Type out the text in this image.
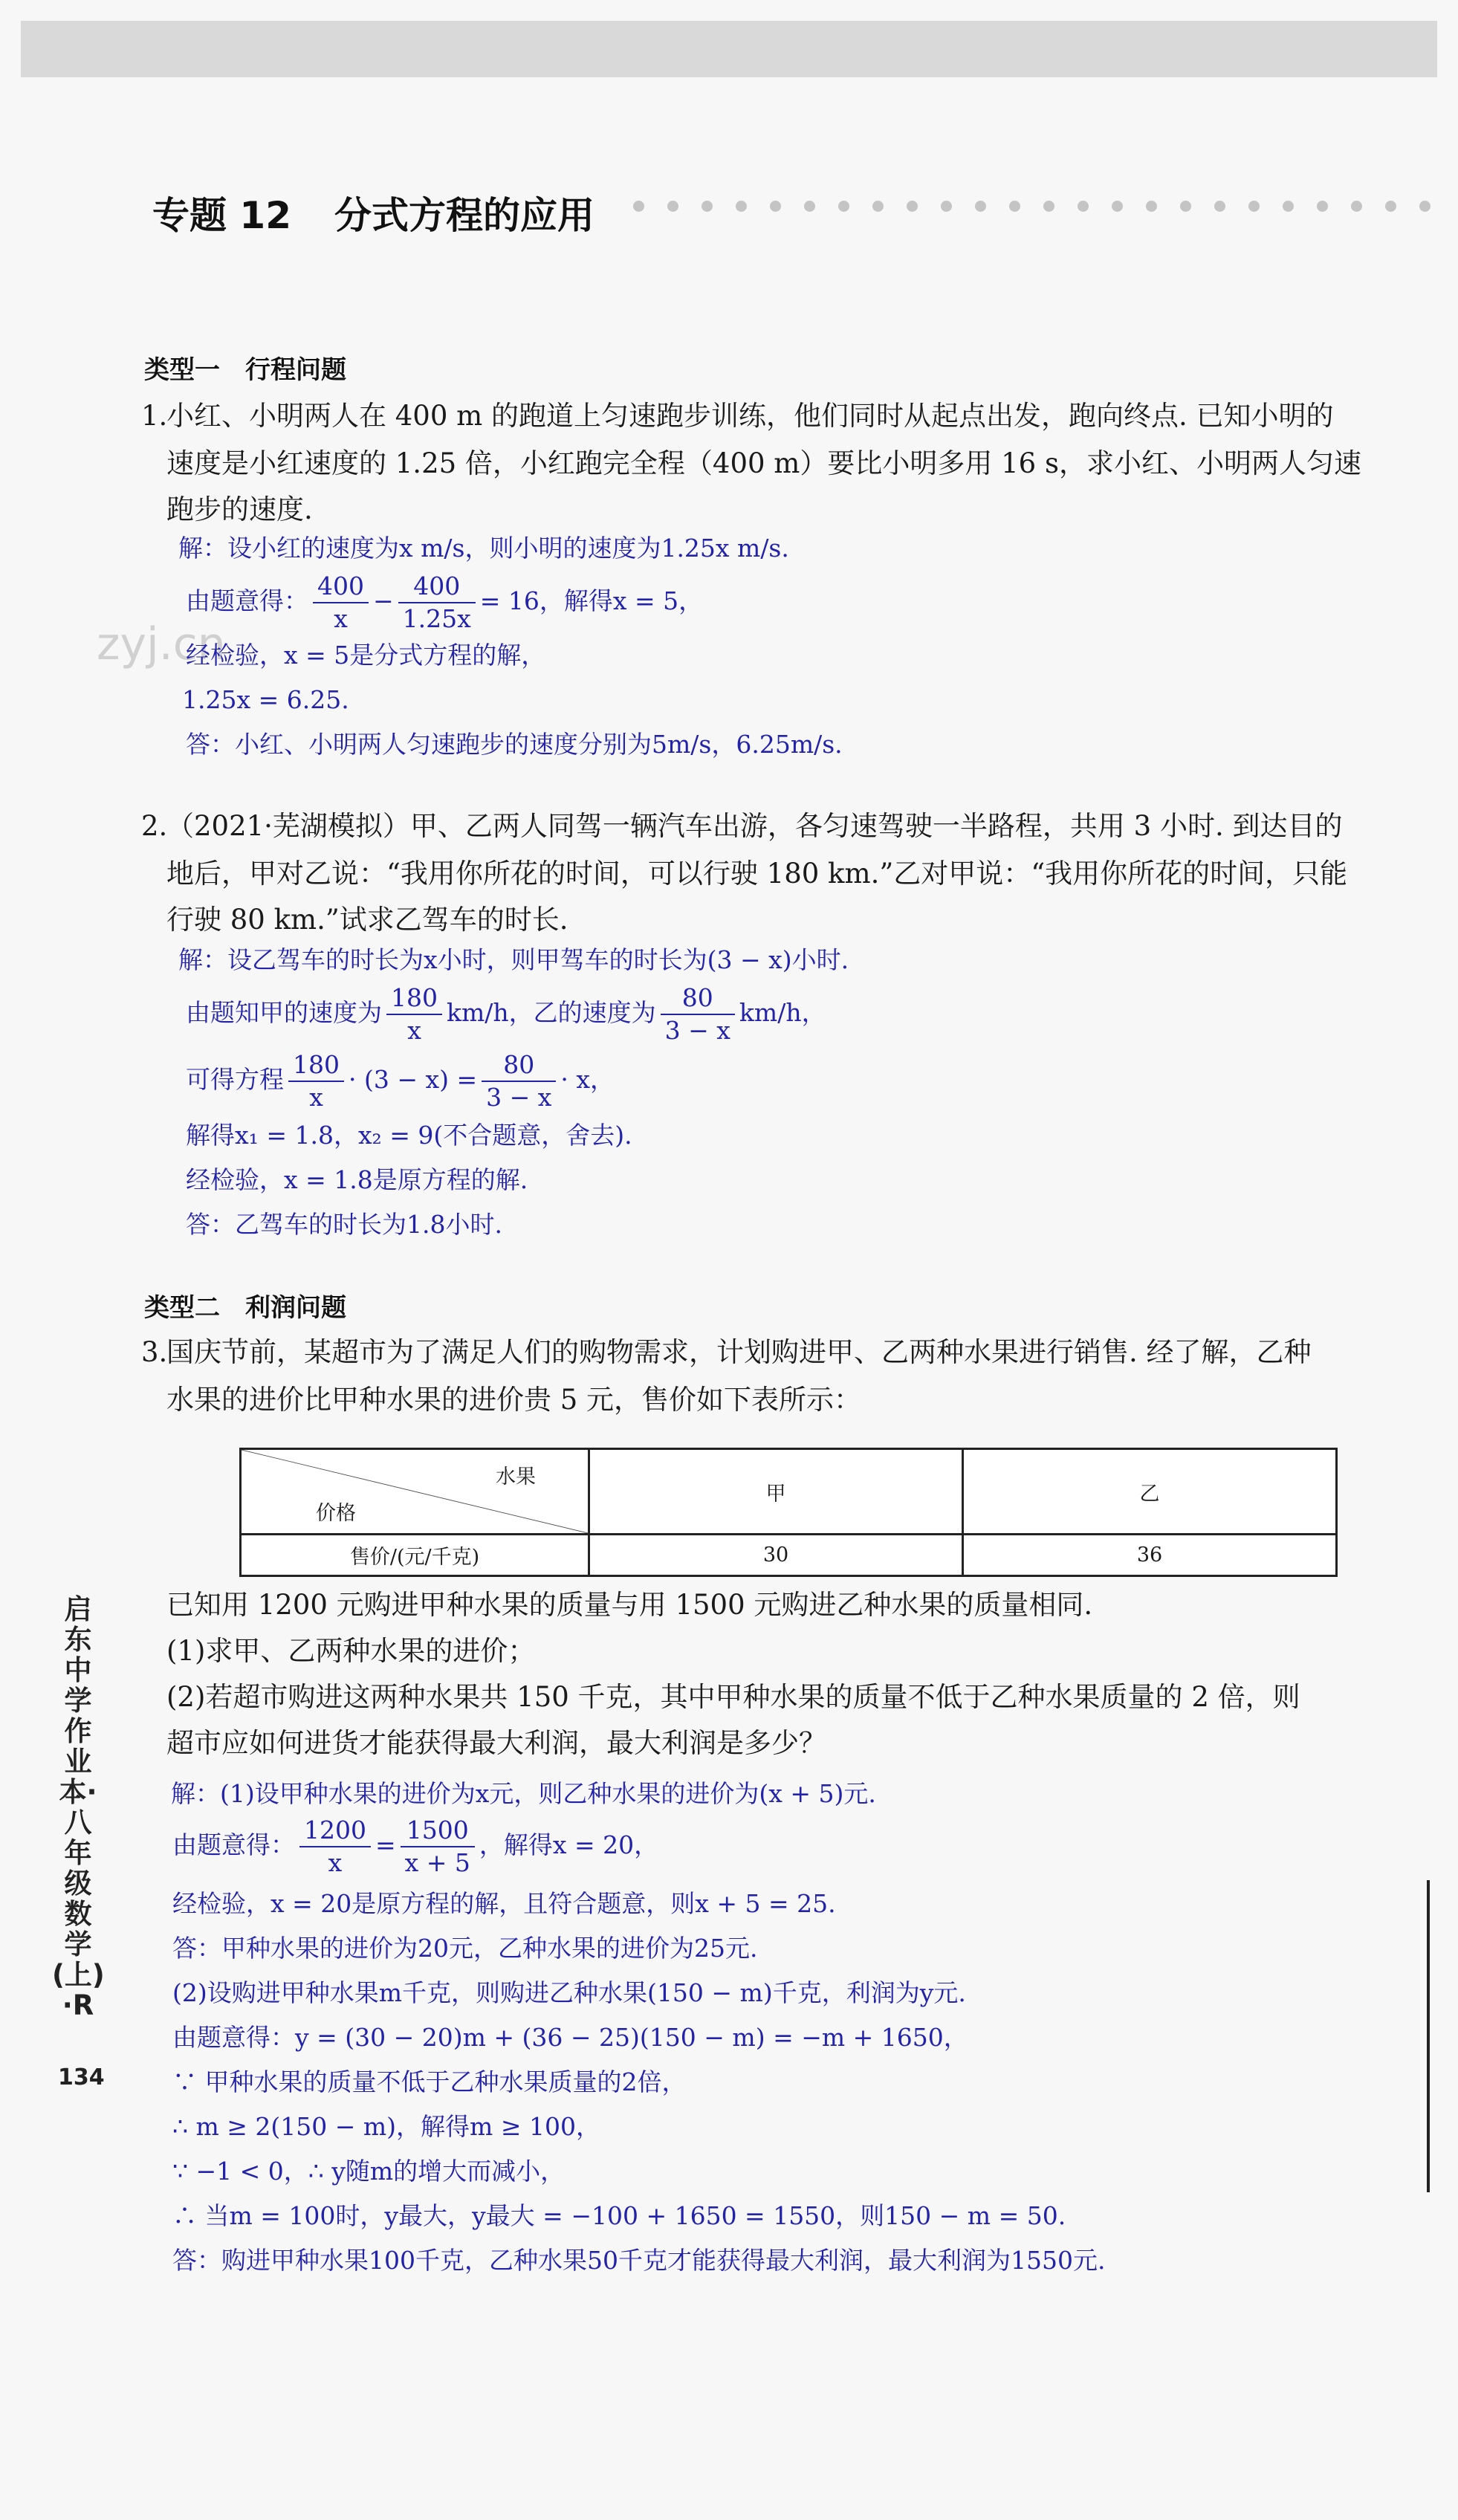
专题 12 分式方程的应用
zyj.cn
类型一 行程问题
1.小红、小明两人在 400 m 的跑道上匀速跑步训练，他们同时从起点出发，跑向终点. 已知小明的
速度是小红速度的 1.25 倍，小红跑完全程（400 m）要比小明多用 16 s，求小红、小明两人匀速
跑步的速度.
解：设小红的速度为x m/s，则小明的速度为1.25x m/s.
由题意得： $\frac{400}{x} - \frac{400}{1.25x} = 16$，解得x = 5，
经检验，x = 5是分式方程的解，
1.25x = 6.25.
答：小红、小明两人匀速跑步的速度分别为5m/s，6.25m/s.
2.（2021·芜湖模拟）甲、乙两人同驾一辆汽车出游，各匀速驾驶一半路程，共用 3 小时. 到达目的
地后，甲对乙说：“我用你所花的时间，可以行驶 180 km.”乙对甲说：“我用你所花的时间，只能
行驶 80 km.”试求乙驾车的时长.
解：设乙驾车的时长为x小时，则甲驾车的时长为(3 − x)小时.
由题知甲的速度为 $\frac{180}{x} km/h$，乙的速度为 $\frac{80}{3 - x} km/h$，
可得方程 $\frac{180}{x} \cdot (3 - x) = \frac{80}{3 - x} \cdot x$，
解得x₁ = 1.8，x₂ = 9(不合题意，舍去).
经检验，x = 1.8是原方程的解.
答：乙驾车的时长为1.8小时.
类型二 利润问题
3.国庆节前，某超市为了满足人们的购物需求，计划购进甲、乙两种水果进行销售. 经了解，乙种
水果的进价比甲种水果的进价贵 5 元，售价如下表所示：
水果
价格	甲	乙
售价/(元/千克)	30	36
已知用 1200 元购进甲种水果的质量与用 1500 元购进乙种水果的质量相同.
(1)求甲、乙两种水果的进价；
(2)若超市购进这两种水果共 150 千克，其中甲种水果的质量不低于乙种水果质量的 2 倍，则
超市应如何进货才能获得最大利润，最大利润是多少？
解：(1)设甲种水果的进价为x元，则乙种水果的进价为(x + 5)元.
由题意得： $\frac{1200}{x} = \frac{1500}{x + 5}$ ，解得x = 20，
经检验，x = 20是原方程的解，且符合题意，则x + 5 = 25.
答：甲种水果的进价为20元，乙种水果的进价为25元.
(2)设购进甲种水果m千克，则购进乙种水果(150 − m)千克，利润为y元.
由题意得：y = (30 − 20)m + (36 − 25)(150 − m) = −m + 1650，
∵ 甲种水果的质量不低于乙种水果质量的2倍，
∴ m ≥ 2(150 − m)，解得m ≥ 100，
∵ −1 < 0，∴ y随m的增大而减小，
∴ 当m = 100时，y最大，y最大 = −100 + 1650 = 1550，则150 − m = 50.
答：购进甲种水果100千克，乙种水果50千克才能获得最大利润，最大利润为1550元.
启东中学作业本·八年级数学(上)·R
134
